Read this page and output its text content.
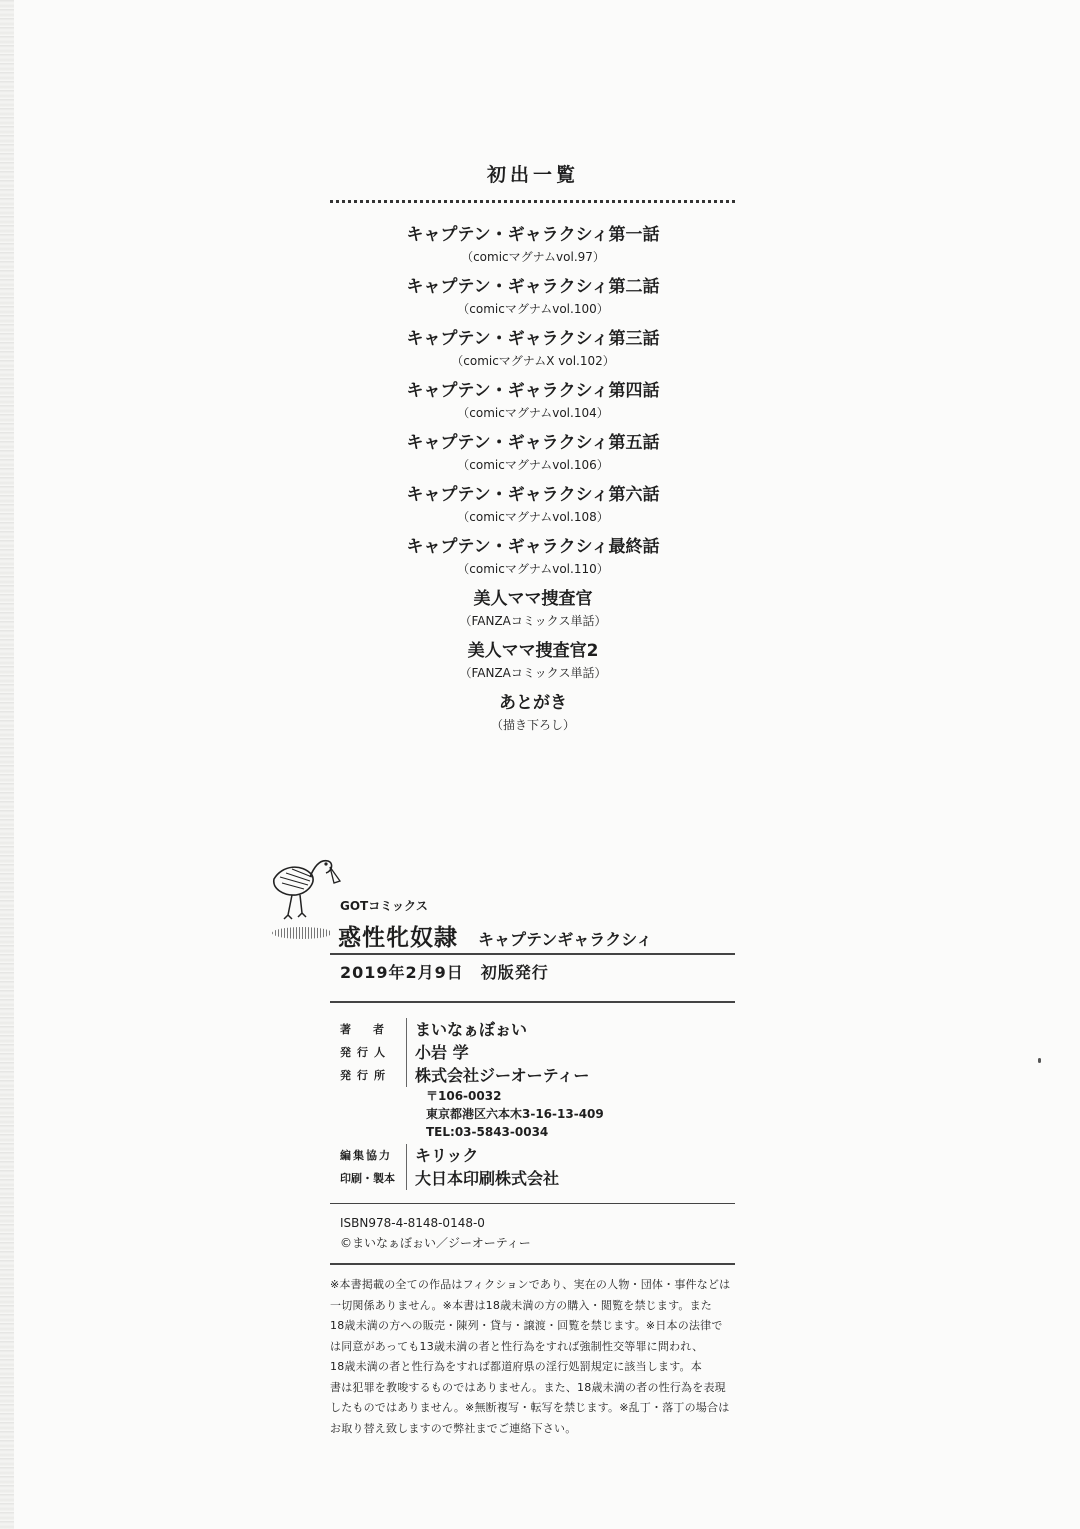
初出一覧
キャプテン・ギャラクシィ第一話
（comicマグナムvol.97）
キャプテン・ギャラクシィ第二話
（comicマグナムvol.100）
キャプテン・ギャラクシィ第三話
（comicマグナムX vol.102）
キャプテン・ギャラクシィ第四話
（comicマグナムvol.104）
キャプテン・ギャラクシィ第五話
（comicマグナムvol.106）
キャプテン・ギャラクシィ第六話
（comicマグナムvol.108）
キャプテン・ギャラクシィ最終話
（comicマグナムvol.110）
美人ママ捜査官
（FANZAコミックス単話）
美人ママ捜査官2
（FANZAコミックス単話）
あとがき
（描き下ろし）
GOTコミックス
惑性牝奴隷 キャプテンギャラクシィ
2019年2月9日　初版発行
著者 まいなぁぼぉい
発行人	小岩 学
発行所	株式会社ジーオーティー
〒106-0032
東京都港区六本木3-16-13-409
TEL:03-5843-0034
編集協力	キリック
印刷・製本	大日本印刷株式会社
ISBN978-4-8148-0148-0
©まいなぁぼぉい／ジーオーティー
※本書掲載の全ての作品はフィクションであり、実在の人物・団体・事件などは
一切関係ありません。※本書は18歳未満の方の購入・閲覧を禁じます。また
18歳未満の方への販売・陳列・貸与・譲渡・回覧を禁じます。※日本の法律で
は同意があっても13歳未満の者と性行為をすれば強制性交等罪に問われ、
18歳未満の者と性行為をすれば都道府県の淫行処罰規定に該当します。本
書は犯罪を教唆するものではありません。また、18歳未満の者の性行為を表現
したものではありません。※無断複写・転写を禁じます。※乱丁・落丁の場合は
お取り替え致しますので弊社までご連絡下さい。
